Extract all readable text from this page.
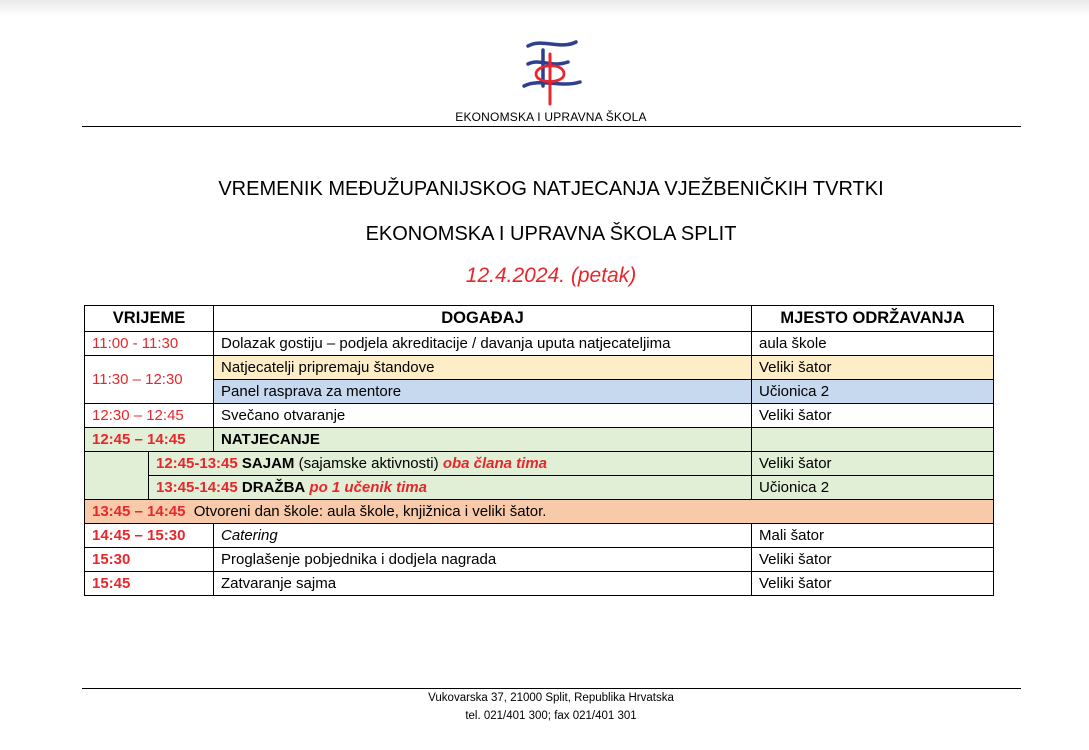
EKONOMSKA I UPRAVNA ŠKOLA
VREMENIK MEĐUŽUPANIJSKOG NATJECANJA VJEŽBENIČKIH TVRTKI
EKONOMSKA I UPRAVNA ŠKOLA SPLIT
12.4.2024. (petak)
VRIJEME		DOGAĐAJ	MJESTO ODRŽAVANJA
11:00 - 11:30		Dolazak gostiju – podjela akreditacije / davanja uputa natjecateljima	aula škole
11:30 – 12:30		Natjecatelji pripremaju štandove	Veliki šator
		Panel rasprava za mentore	Učionica 2
12:30 – 12:45		Svečano otvaranje	Veliki šator
12:45 – 14:45		NATJECANJE	
	12:45-13:45 SAJAM (sajamske aktivnosti) oba člana tima		Veliki šator
	13:45-14:45 DRAŽBA po 1 učenik tima		Učionica 2
13:45 – 14:45 Otvoreni dan škole: aula škole, knjižnica i veliki šator.			
14:45 – 15:30		Catering	Mali šator
15:30		Proglašenje pobjednika i dodjela nagrada	Veliki šator
15:45		Zatvaranje sajma	Veliki šator
Vukovarska 37, 21000 Split, Republika Hrvatska
tel. 021/401 300; fax 021/401 301
